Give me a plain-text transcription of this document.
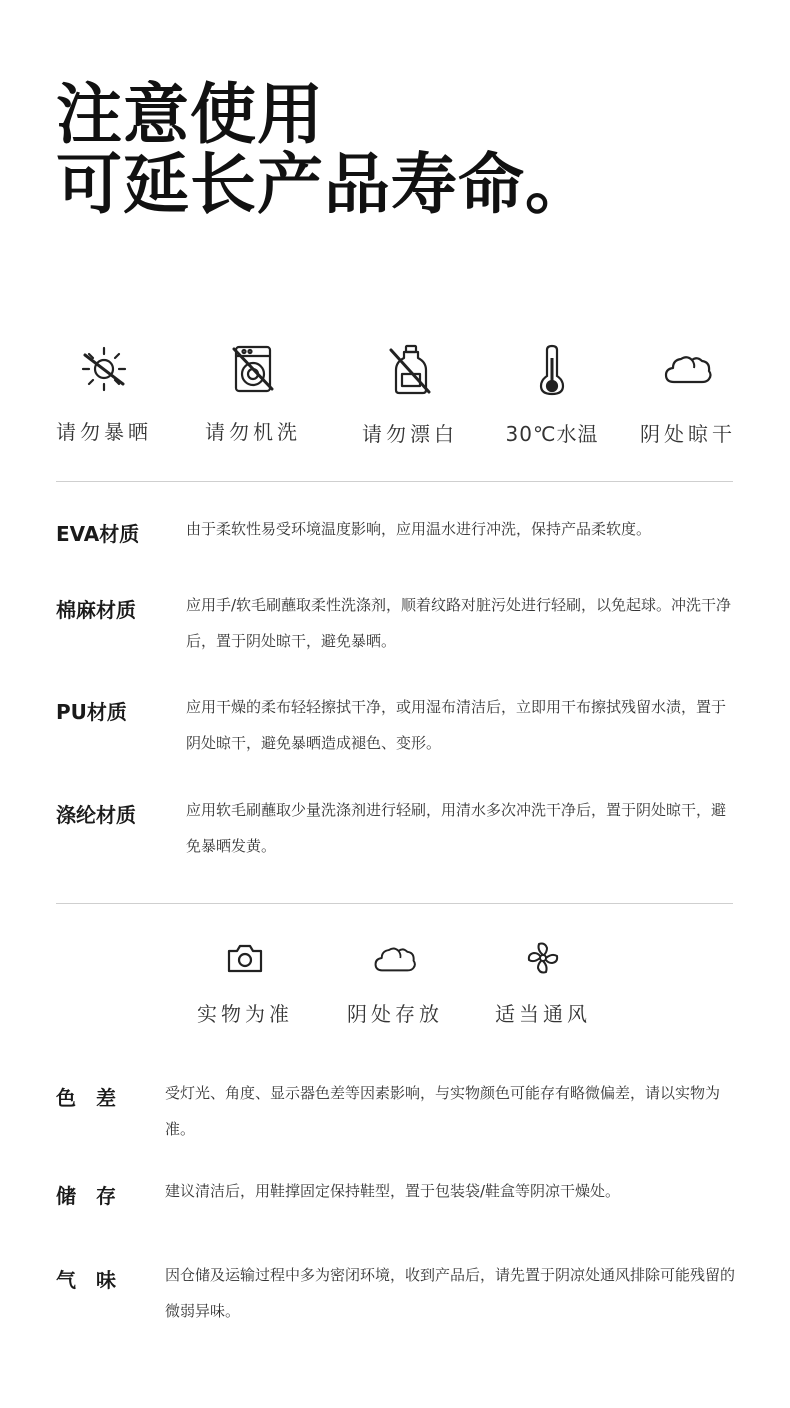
注意使用
可延长产品寿命。
请勿暴晒	请勿机洗	请勿漂白	30℃水温 阴处晾干
EVA材质	由于柔软性易受环境温度影响，应用温水进行冲洗，保持产品柔软度。
棉麻材质	应用手/软毛刷蘸取柔性洗涤剂，顺着纹路对脏污处进行轻刷，以免起球。冲洗干净后，置于阴处晾干，避免暴晒。
PU材质	应用干燥的柔布轻轻擦拭干净，或用湿布清洁后，立即用干布擦拭残留水渍，置于阴处晾干，避免暴晒造成褪色、变形。
涤纶材质	应用软毛刷蘸取少量洗涤剂进行轻刷，用清水多次冲洗干净后，置于阴处晾干，避免暴晒发黄。
实物为准	阴处存放	适当通风
色差 受灯光、角度、显示器色差等因素影响，与实物颜色可能存有略微偏差，请以实物为准。
储存 建议清洁后，用鞋撑固定保持鞋型，置于包装袋/鞋盒等阴凉干燥处。
气味 因仓储及运输过程中多为密闭环境，收到产品后，请先置于阴凉处通风排除可能残留的微弱异味。
